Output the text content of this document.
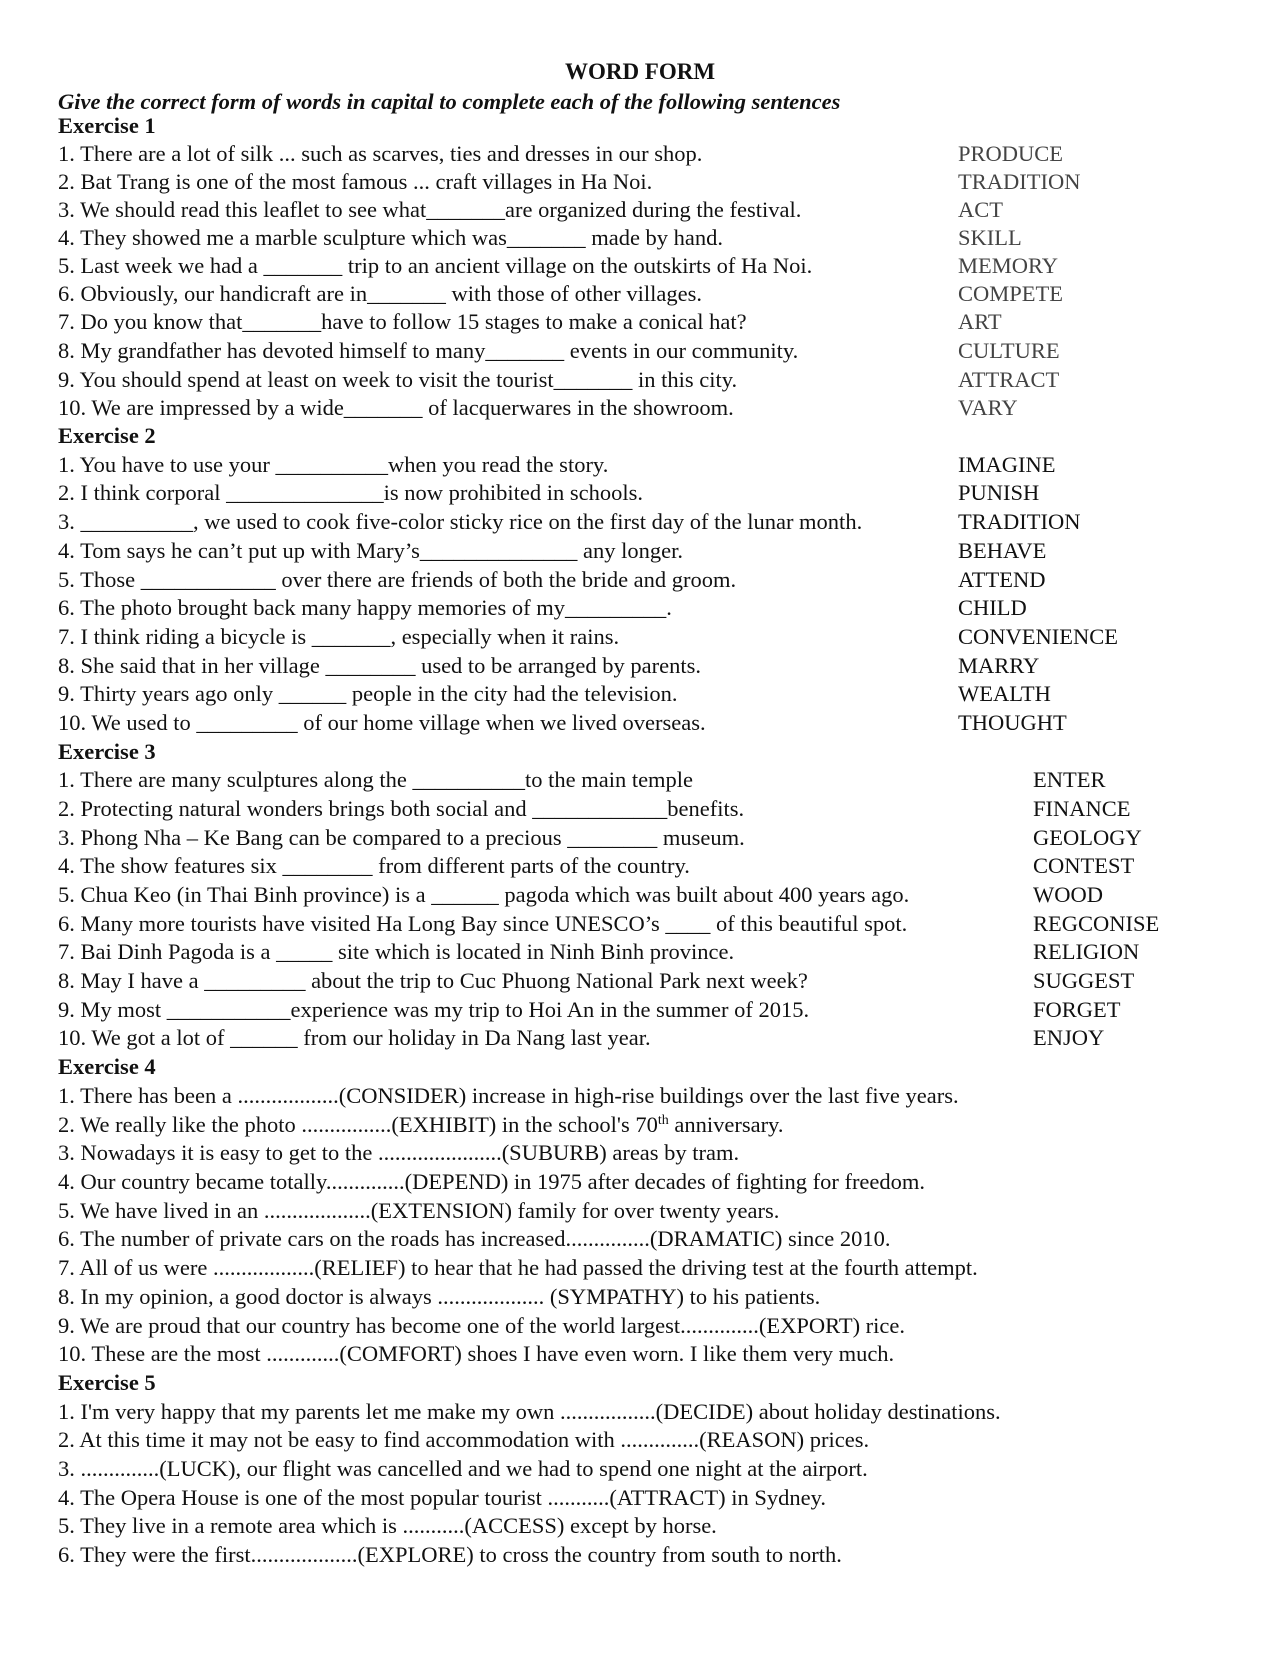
WORD FORM
Give the correct form of words in capital to complete each of the following sentences
Exercise 1
1. There are a lot of silk ... such as scarves, ties and dresses in our shop.	PRODUCE
2. Bat Trang is one of the most famous ... craft villages in Ha Noi.	TRADITION
3. We should read this leaflet to see what_______are organized during the festival.	ACT
4. They showed me a marble sculpture which was_______ made by hand.	SKILL
5. Last week we had a _______ trip to an ancient village on the outskirts of Ha Noi.	MEMORY
6. Obviously, our handicraft are in_______ with those of other villages.	COMPETE
7. Do you know that_______have to follow 15 stages to make a conical hat?	ART
8. My grandfather has devoted himself to many_______ events in our community.	CULTURE
9. You should spend at least on week to visit the tourist_______ in this city.	ATTRACT
10. We are impressed by a wide_______ of lacquerwares in the showroom.	VARY
Exercise 2
1. You have to use your __________when you read the story.	IMAGINE
2. I think corporal ______________is now prohibited in schools.	PUNISH
3. __________, we used to cook five-color sticky rice on the first day of the lunar month.	TRADITION
4. Tom says he can’t put up with Mary’s______________ any longer.	BEHAVE
5. Those ____________ over there are friends of both the bride and groom.	ATTEND
6. The photo brought back many happy memories of my_________.	CHILD
7. I think riding a bicycle is _______, especially when it rains.	CONVENIENCE
8. She said that in her village ________ used to be arranged by parents.	MARRY
9. Thirty years ago only ______ people in the city had the television.	WEALTH
10. We used to _________ of our home village when we lived overseas.	THOUGHT
Exercise 3
1. There are many sculptures along the __________to the main temple	ENTER
2. Protecting natural wonders brings both social and ____________benefits.	FINANCE
3. Phong Nha – Ke Bang can be compared to a precious ________ museum.	GEOLOGY
4. The show features six ________ from different parts of the country.	CONTEST
5. Chua Keo (in Thai Binh province) is a ______ pagoda which was built about 400 years ago.	WOOD
6. Many more tourists have visited Ha Long Bay since UNESCO’s ____ of this beautiful spot.	REGCONISE
7. Bai Dinh Pagoda is a _____ site which is located in Ninh Binh province.	RELIGION
8. May I have a _________ about the trip to Cuc Phuong National Park next week?	SUGGEST
9. My most ___________experience was my trip to Hoi An in the summer of 2015.	FORGET
10. We got a lot of ______ from our holiday in Da Nang last year.	ENJOY
Exercise 4
1. There has been a ..................(CONSIDER) increase in high-rise buildings over the last five years.
2. We really like the photo ................(EXHIBIT) in the school's 70th anniversary.
3. Nowadays it is easy to get to the ......................(SUBURB) areas by tram.
4. Our country became totally..............(DEPEND) in 1975 after decades of fighting for freedom.
5. We have lived in an ...................(EXTENSION) family for over twenty years.
6. The number of private cars on the roads has increased...............(DRAMATIC) since 2010.
7. All of us were ..................(RELIEF) to hear that he had passed the driving test at the fourth attempt.
8. In my opinion, a good doctor is always ................... (SYMPATHY) to his patients.
9. We are proud that our country has become one of the world largest..............(EXPORT) rice.
10. These are the most .............(COMFORT) shoes I have even worn. I like them very much.
Exercise 5
1. I'm very happy that my parents let me make my own .................(DECIDE) about holiday destinations.
2. At this time it may not be easy to find accommodation with ..............(REASON) prices.
3. ..............(LUCK), our flight was cancelled and we had to spend one night at the airport.
4. The Opera House is one of the most popular tourist ...........(ATTRACT) in Sydney.
5. They live in a remote area which is ...........(ACCESS) except by horse.
6. They were the first...................(EXPLORE) to cross the country from south to north.
